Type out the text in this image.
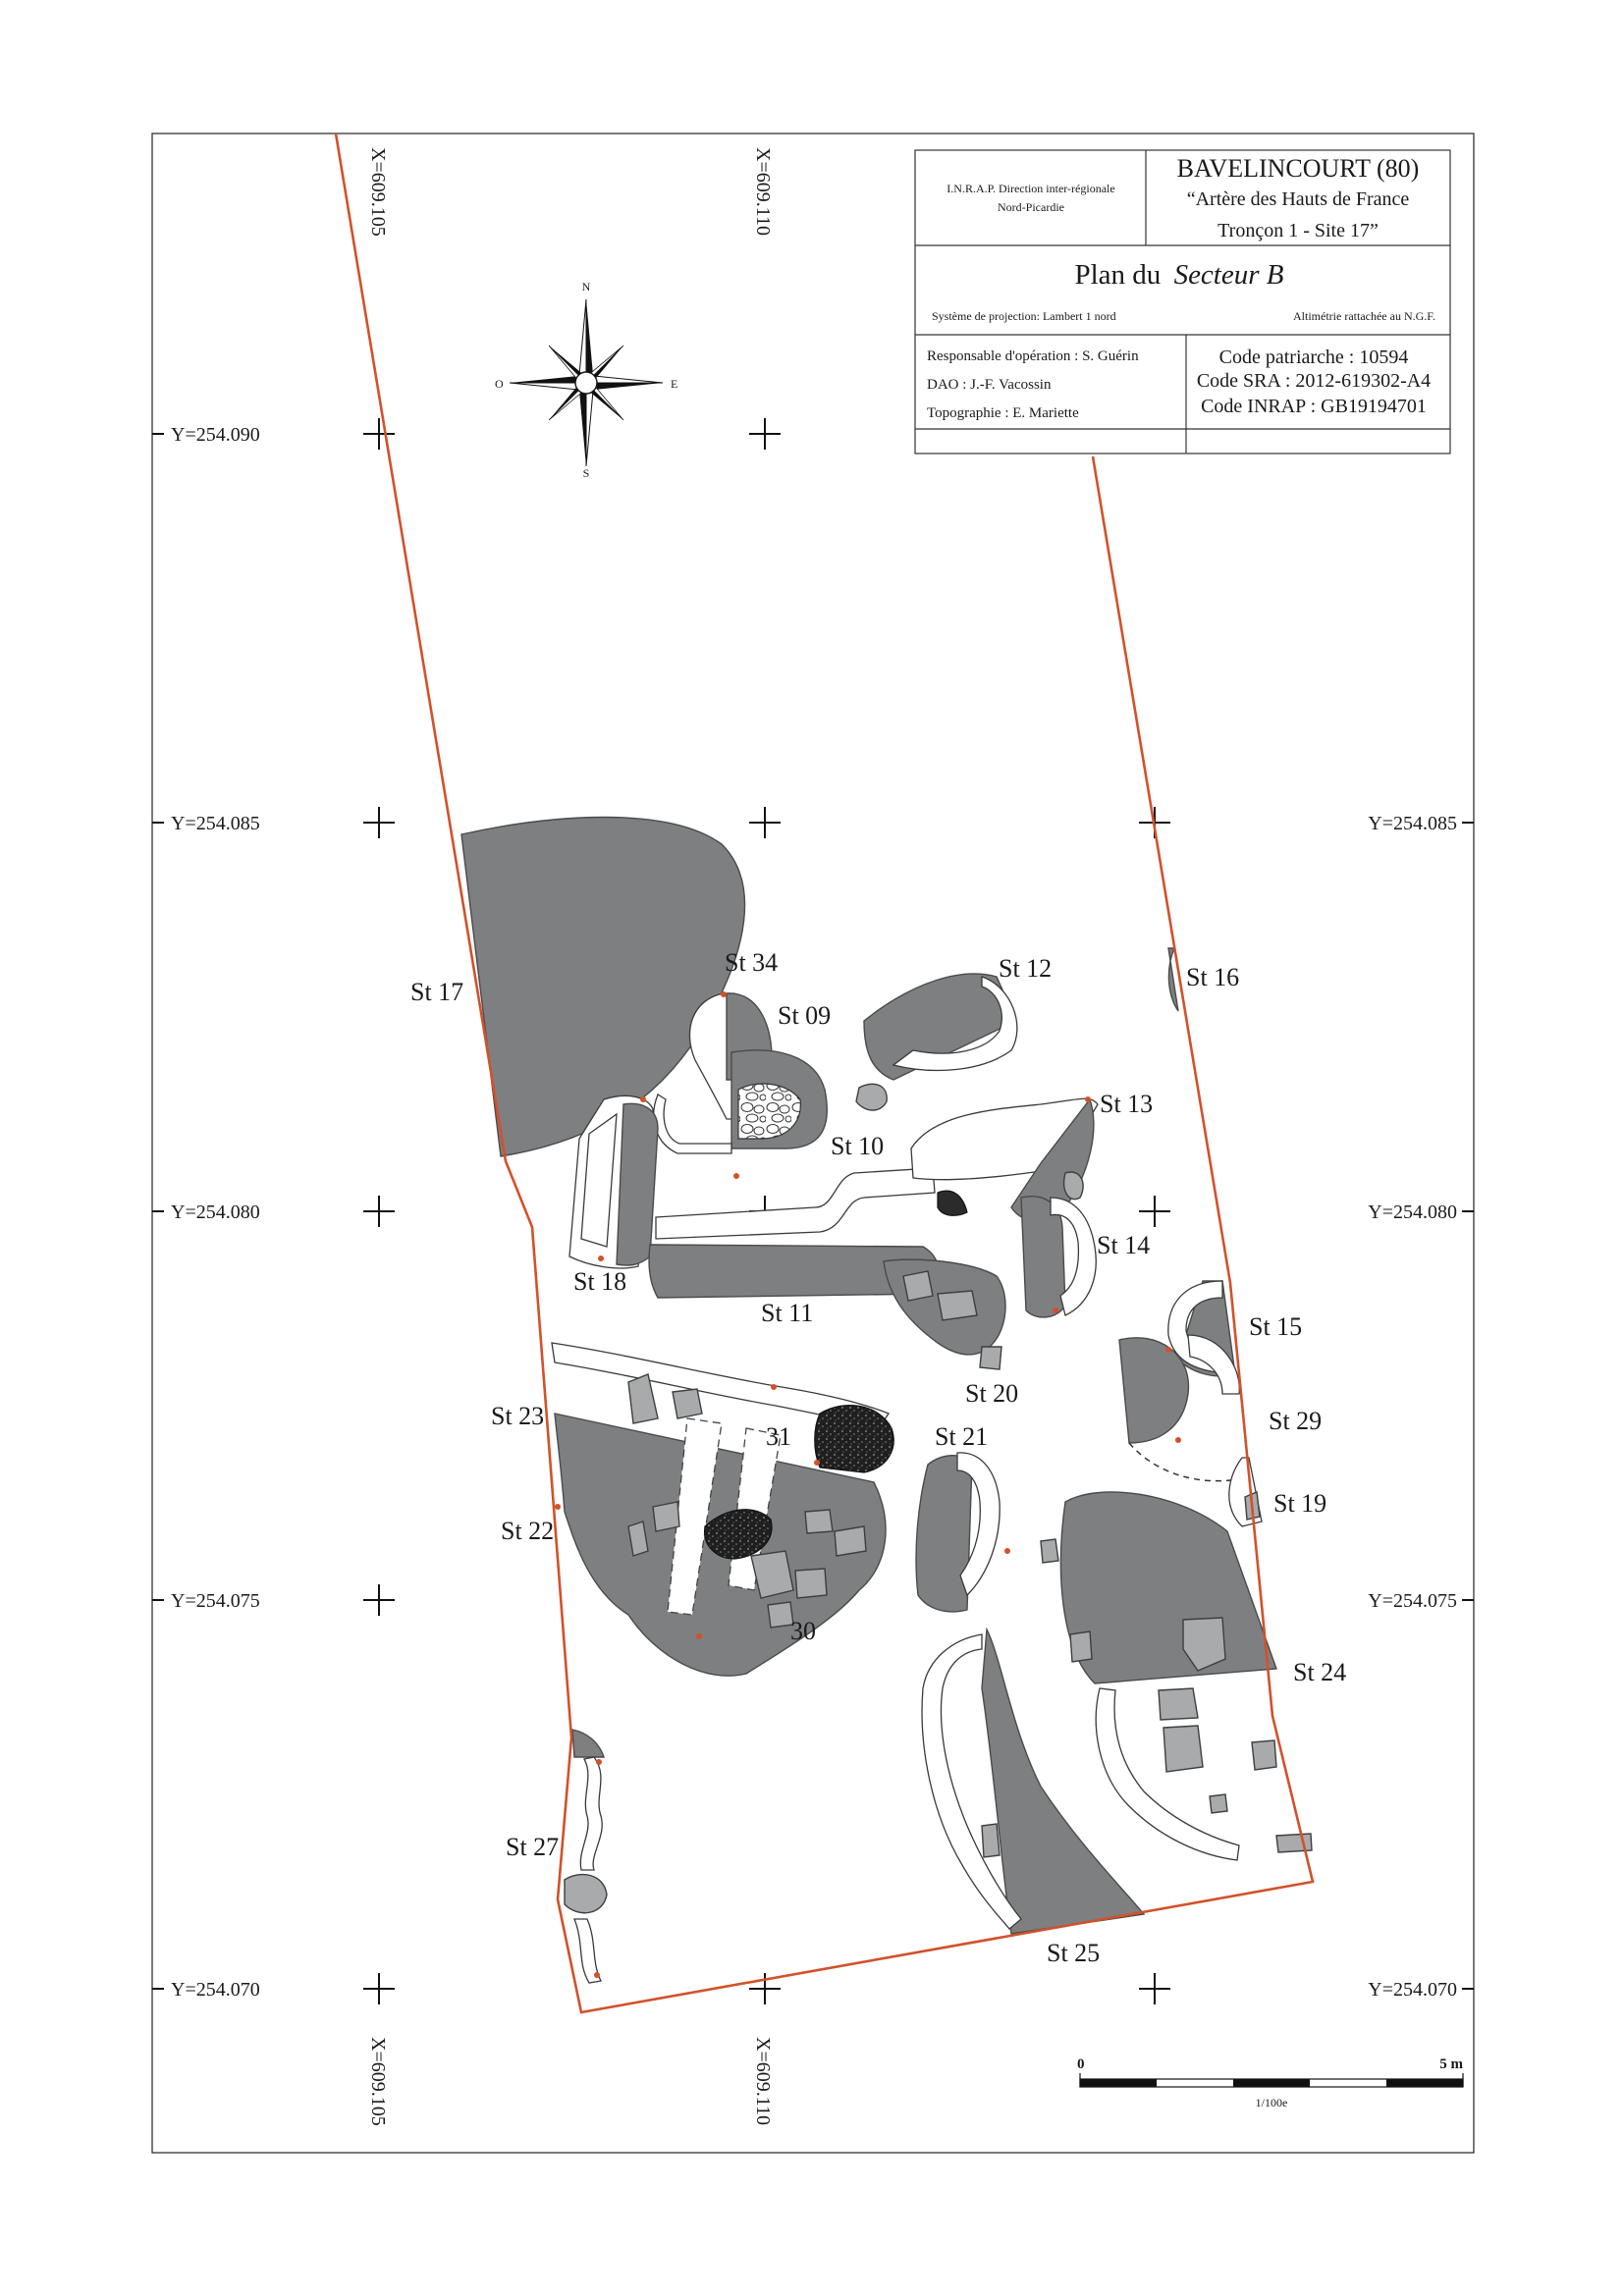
I.N.R.A.P. Direction inter-régionale
Nord-Picardie
BAVELINCOURT (80)
“Artère des Hauts de France
Tronçon 1 - Site 17”
Plan du Secteur B
Système de projection: Lambert 1 nord	Altimétrie rattachée au N.G.F.
Responsable d'opération : S. Guérin
DAO : J.-F. Vacossin
Topographie : E. Mariette
Code patriarche : 10594
Code SRA : 2012-619302-A4
Code INRAP : GB19194701
N
S
E
O
X=609.105	X=609.110
X=609.105	X=609.110
Y=254.090
Y=254.085
Y=254.080
Y=254.075
Y=254.070
Y=254.085
Y=254.080
Y=254.075
Y=254.070
St 17
St 34
St 09
St 12	St 16
St 13
St 10
St 14
St 18
St 11	St 15
St 20
St 23
31	St 21
St 29
St 19
St 22
30
St 24
St 27
St 25
0	5 m
1/100e
